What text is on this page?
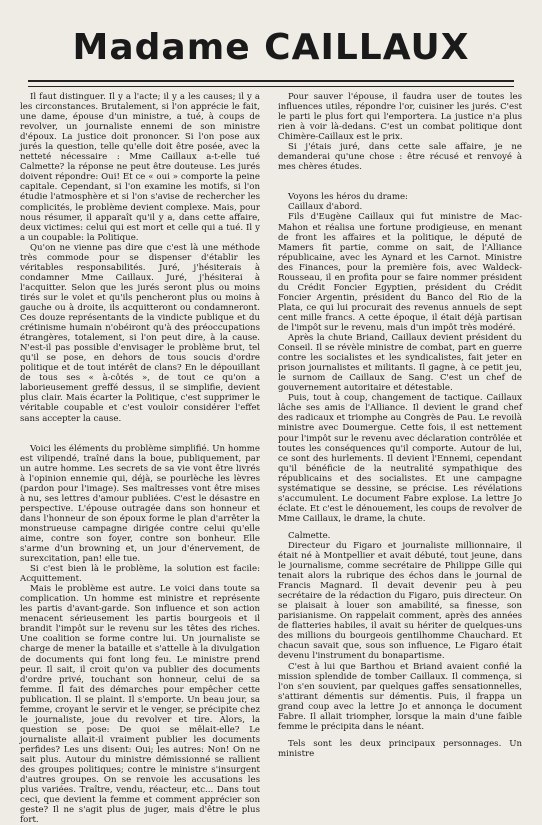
Madame CAILLAUX

Il faut distinguer. Il y a l'acte; il y a les causes; il y a les circonstances. Brutalement, si l'on apprécie le fait, une dame, épouse d'un ministre, a tué, à coups de revolver, un journaliste ennemi de son ministre d'époux. La justice doit prononcer. Si l'on pose aux jurés la question, telle qu'elle doit être posée, avec la netteté nécessaire : Mme Caillaux a-t-elle tué Calmette? la réponse ne peut être douteuse. Les jurés doivent répondre: Oui! Et ce « oui » comporte la peine capitale. Cependant, si l'on examine les motifs, si l'on étudie l'atmosphère et si l'on s'avise de rechercher les complicités, le problème devient complexe. Mais, pour nous résumer, il apparaît qu'il y a, dans cette affaire, deux victimes: celui qui est mort et celle qui a tué. Il y a un coupable: la Politique.

Qu'on ne vienne pas dire que c'est là une méthode très commode pour se dispenser d'établir les véritables responsabilités. Juré, j'hésiterais à condamner Mme Caillaux. Juré, j'hésiterai à l'acquitter. Selon que les jurés seront plus ou moins tirés sur le volet et qu'ils pencheront plus ou moins à gauche ou à droite, ils acquitteront ou condamneront. Ces douze représentants de la vindicte publique et du crétinisme humain n'obéiront qu'à des préoccupations étrangères, totalement, si l'on peut dire, à la cause. N'est-il pas possible d'envisager le problème brut, tel qu'il se pose, en dehors de tous soucis d'ordre politique et de tout intérêt de clans? En le dépouillant de tous ses « à-côtés », de tout ce qu'on a laborieusement greffé dessus, il se simplifie, devient plus clair. Mais écarter la Politique, c'est supprimer le véritable coupable et c'est vouloir considérer l'effet sans accepter la cause.

Voici les éléments du problème simplifié. Un homme est vilipendé, traîné dans la boue, publiquement, par un autre homme. Les secrets de sa vie vont être livrés à l'opinion ennemie qui, déjà, se pourlèche les lèvres (pardon pour l'image). Ses maîtresses vont être mises à nu, ses lettres d'amour publiées. C'est le désastre en perspective. L'épouse outragée dans son honneur et dans l'honneur de son époux forme le plan d'arrêter la monstrueuse campagne dirigée contre celui qu'elle aime, contre son foyer, contre son bonheur. Elle s'arme d'un browning et, un jour d'énervement, de surexcitation, pan! elle tue.

Si c'est bien là le problème, la solution est facile: Acquittement.

Mais le problème est autre. Le voici dans toute sa complication. Un homme est ministre et représente les partis d'avant-garde. Son influence et son action menacent sérieusement les partis bourgeois et il brandit l'impôt sur le revenu sur les têtes des riches. Une coalition se forme contre lui. Un journaliste se charge de mener la bataille et s'attelle à la divulgation de documents qui font long feu. Le ministre prend peur. Il sait, il croit qu'on va publier des documents d'ordre privé, touchant son honneur, celui de sa femme. Il fait des démarches pour empêcher cette publication. Il se plaint. Il s'emporte. Un beau jour, sa femme, croyant le servir et le venger, se précipite chez le journaliste, joue du revolver et tire. Alors, la question se pose: De quoi se mêlait-elle? Le journaliste allait-il vraiment publier les documents perfides? Les uns disent: Oui; les autres: Non! On ne sait plus. Autour du ministre démissionné se rallient des groupes politiques; contre le ministre s'insurgent d'autres groupes. On se renvoie les accusations les plus variées. Traître, vendu, réacteur, etc... Dans tout ceci, que devient la femme et comment apprécier son geste? Il ne s'agit plus de juger, mais d'être le plus fort.

Pour sauver l'épouse, il faudra user de toutes les influences utiles, répondre l'or, cuisiner les jurés. C'est le parti le plus fort qui l'emportera. La justice n'a plus rien à voir là-dedans. C'est un combat politique dont Chimère-Caillaux est le prix.

Si j'étais juré, dans cette sale affaire, je ne demanderai qu'une chose : être récusé et renvoyé à mes chères études.

Voyons les héros du drame:

Caillaux d'abord.

Fils d'Eugène Caillaux qui fut ministre de Mac-Mahon et réalisa une fortune prodigieuse, en menant de front les affaires et la politique, le député de Mamers fit partie, comme on sait, de l'Alliance républicaine, avec les Aynard et les Carnot. Ministre des Finances, pour la première fois, avec Waldeck-Rousseau, il en profita pour se faire nommer président du Crédit Foncier Egyptien, président du Crédit Foncier Argentin, président du Banco del Rio de la Plata, ce qui lui procurait des revenus annuels de sept cent mille francs. A cette époque, il était déjà partisan de l'impôt sur le revenu, mais d'un impôt très modéré.

Après la chute Briand, Caillaux devient président du Conseil. Il se révèle ministre de combat, part en guerre contre les socialistes et les syndicalistes, fait jeter en prison journalistes et militants. Il gagne, à ce petit jeu, le surnom de Caillaux de Sang. C'est un chef de gouvernement autoritaire et détestable.

Puis, tout à coup, changement de tactique. Caillaux lâche ses amis de l'Alliance. Il devient le grand chef des radicaux et triomphe au Congrès de Pau. Le revoilà ministre avec Doumergue. Cette fois, il est nettement pour l'impôt sur le revenu avec déclaration contrôlée et toutes les conséquences qu'il comporte. Autour de lui, ce sont des hurlements. Il devient l'Ennemi, cependant qu'il bénéficie de la neutralité sympathique des républicains et des socialistes. Et une campagne systématique se dessine, se précise. Les révélations s'accumulent. Le document Fabre explose. La lettre Jo éclate. Et c'est le dénouement, les coups de revolver de Mme Caillaux, le drame, la chute.

Calmette.

Directeur du Figaro et journaliste millionnaire, il était né à Montpellier et avait débuté, tout jeune, dans le journalisme, comme secrétaire de Philippe Gille qui tenait alors la rubrique des échos dans le journal de Francis Magnard. Il devait devenir peu à peu secrétaire de la rédaction du Figaro, puis directeur. On se plaisait à louer son amabilité, sa finesse, son parisianisme. On rappelait comment, après des années de flatteries habiles, il avait su hériter de quelques-uns des millions du bourgeois gentilhomme Chauchard. Et chacun savait que, sous son influence, Le Figaro était devenu l'instrument du bonapartisme.

C'est à lui que Barthou et Briand avaient confié la mission splendide de tomber Caillaux. Il commença, si l'on s'en souvient, par quelques gaffes sensationnelles, s'attirant démentis sur démentis. Puis, il frappa un grand coup avec la lettre Jo et annonça le document Fabre. Il allait triompher, lorsque la main d'une faible femme le précipita dans le néant.

Tels sont les deux principaux personnages. Un ministre
